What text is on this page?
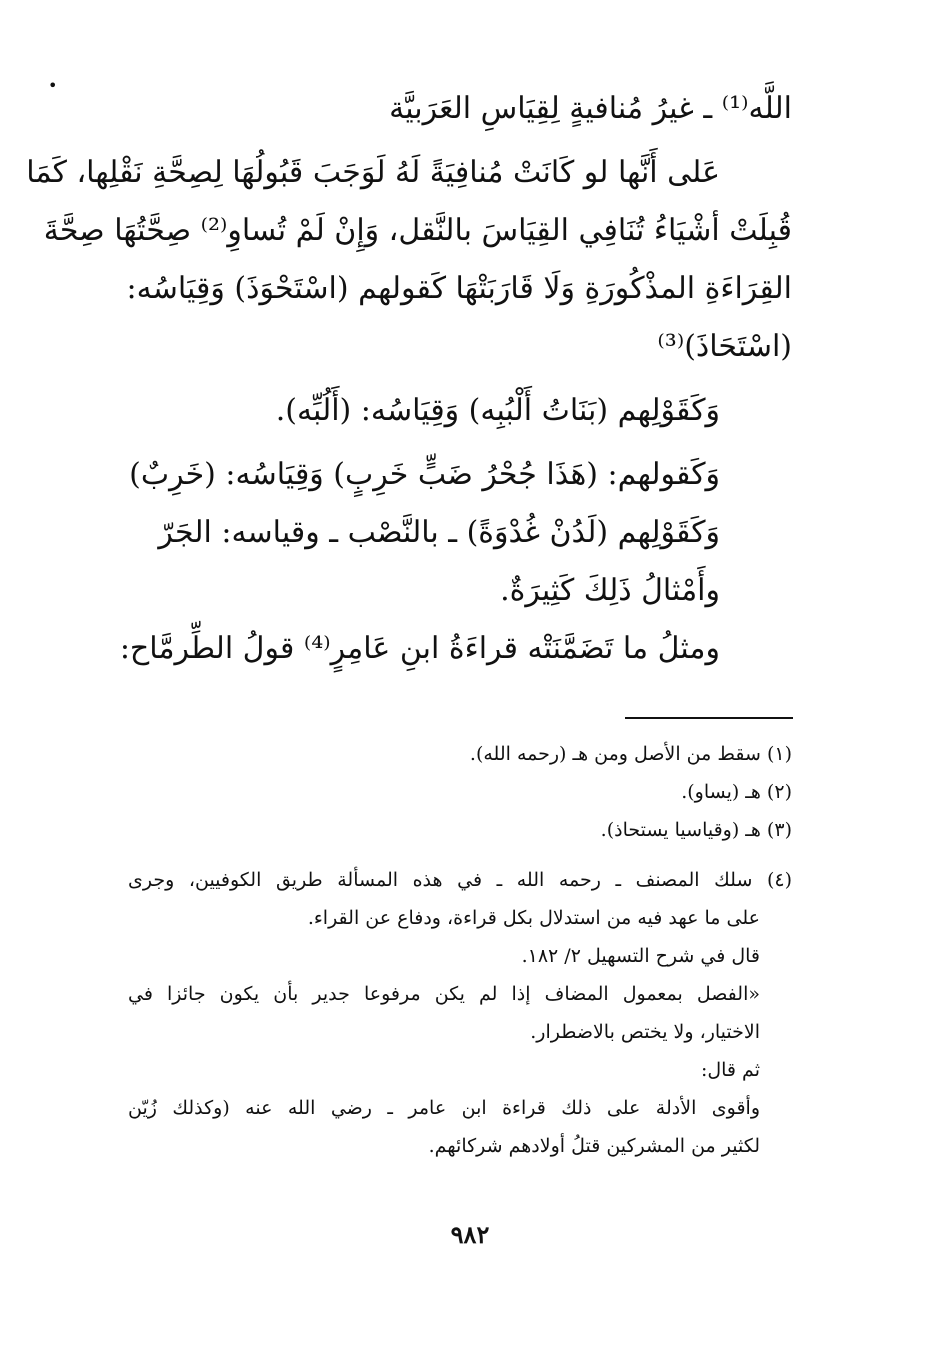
•
اللَّه⁽¹⁾ ـ غيرُ مُنافيةٍ لِقِيَاسِ العَرَبيَّة
عَلى أَنَّها لو كَانَتْ مُنافِيَةً لَهُ لَوَجَبَ قَبُولُهَا لِصِحَّةِ نَقْلِها، كَمَا
قُبِلَتْ أشْيَاءُ تُنَافِي القِيَاسَ بالنَّقل، وَإِنْ لَمْ تُساوِ⁽²⁾ صِحَّتُهَا صِحَّةَ
القِرَاءَةِ المذْكُورَةِ وَلَا قَارَبَتْهَا كَقولهم (اسْتَحْوَذَ) وَقِيَاسُه:
(اسْتَحَاذَ)⁽³⁾
وَكَقَوْلِهم (بَنَاتُ أَلْبُبِه) وَقِيَاسُه: (أَلُبِّه).
وَكَقولهم: (هَذَا جُحْرُ ضَبٍّ خَرِبٍ) وَقِيَاسُه: (خَرِبٌ)
وَكَقَوْلِهم (لَدُنْ غُدْوَةً) ـ بالنَّصْب ـ وقياسه: الجَرّ
وأَمْثالُ ذَلِكَ كَثِيرَةٌ.
ومثلُ ما تَضَمَّنَتْه قراءَةُ ابنِ عَامِرٍ⁽⁴⁾ قولُ الطِّرمَّاح:
(١) سقط من الأصل ومن هـ (رحمه الله).
(٢) هـ (يساو).
(٣) هـ (وقياسيا يستحاذ).
(٤) سلك المصنف ـ رحمه الله ـ في هذه المسألة طريق الكوفيين، وجرى
على ما عهد فيه من استدلال بكل قراءة، ودفاع عن القراء.
قال في شرح التسهيل ٢/ ١٨٢.
«الفصل بمعمول المضاف إذا لم يكن مرفوعا جدير بأن يكون جائزا في
الاختيار، ولا يختص بالاضطرار.
ثم قال:
وأقوى الأدلة على ذلك قراءة ابن عامر ـ رضي الله عنه (وكذلك زُيّن
لكثير من المشركين قتلُ أولادهم شركائهم.
٩٨٢
